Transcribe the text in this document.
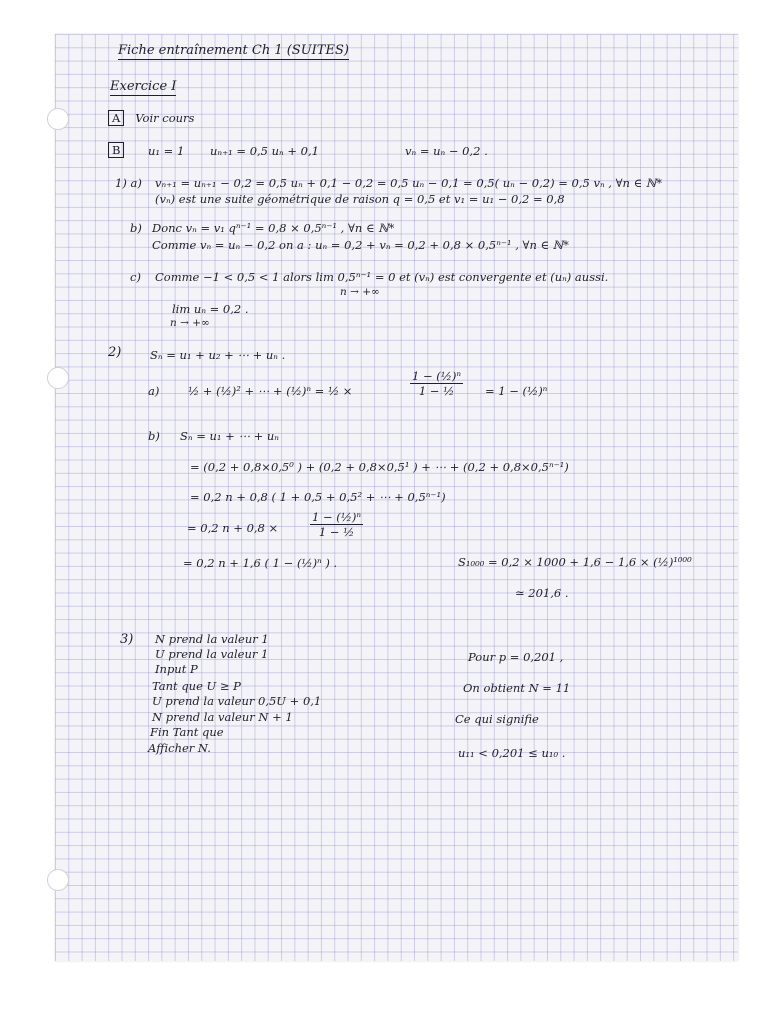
Fiche entraînement Ch 1 (SUITES)
Exercice I
A Voir cours
B	u₁ = 1 uₙ₊₁ = 0,5 uₙ + 0,1	vₙ = uₙ − 0,2 .
1) a) vₙ₊₁ = uₙ₊₁ − 0,2 = 0,5 uₙ + 0,1 − 0,2 = 0,5 uₙ − 0,1 = 0,5( uₙ − 0,2) = 0,5 vₙ , ∀n ∈ ℕ*
(vₙ) est une suite géométrique de raison q = 0,5 et v₁ = u₁ − 0,2 = 0,8
b) Donc vₙ = v₁ qⁿ⁻¹ = 0,8 × 0,5ⁿ⁻¹ , ∀n ∈ ℕ*
Comme vₙ = uₙ − 0,2 on a : uₙ = 0,2 + vₙ = 0,2 + 0,8 × 0,5ⁿ⁻¹ , ∀n ∈ ℕ*
c) Comme −1 < 0,5 < 1 alors lim 0,5ⁿ⁻¹ = 0 et (vₙ) est convergente et (uₙ) aussi.
n → +∞
lim uₙ = 0,2 .
n → +∞
2) Sₙ = u₁ + u₂ + ⋯ + uₙ .
a) ½ + (½)² + ⋯ + (½)ⁿ = ½ ×	$\frac{\text{1 − (½)ⁿ}}{\text{1 − ½}} = 1$ − (½)ⁿ
b) Sₙ = u₁ + ⋯ + uₙ
= (0,2 + 0,8×0,5⁰ ) + (0,2 + 0,8×0,5¹ ) + ⋯ + (0,2 + 0,8×0,5ⁿ⁻¹)
= 0,2 n + 0,8 ( 1 + 0,5 + 0,5² + ⋯ + 0,5ⁿ⁻¹)
= 0,2 n + 0,8 ×	$\frac{\text{1 − (½)ⁿ}}{\text{1 − ½}}$
= 0,2 n + 1,6 ( 1 − (½)ⁿ ) .	S₁₀₀₀ = 0,2 × 1000 + 1,6 − 1,6 × (½)¹⁰⁰⁰
≃ 201,6 .
3) N prend la valeur 1
U prend la valeur 1
Input P
Tant que U ≥ P
U prend la valeur 0,5U + 0,1
N prend la valeur N + 1
Fin Tant que
Afficher N.
Pour p = 0,201 ,
On obtient N = 11
Ce qui signifie
u₁₁ < 0,201 ≤ u₁₀ .
